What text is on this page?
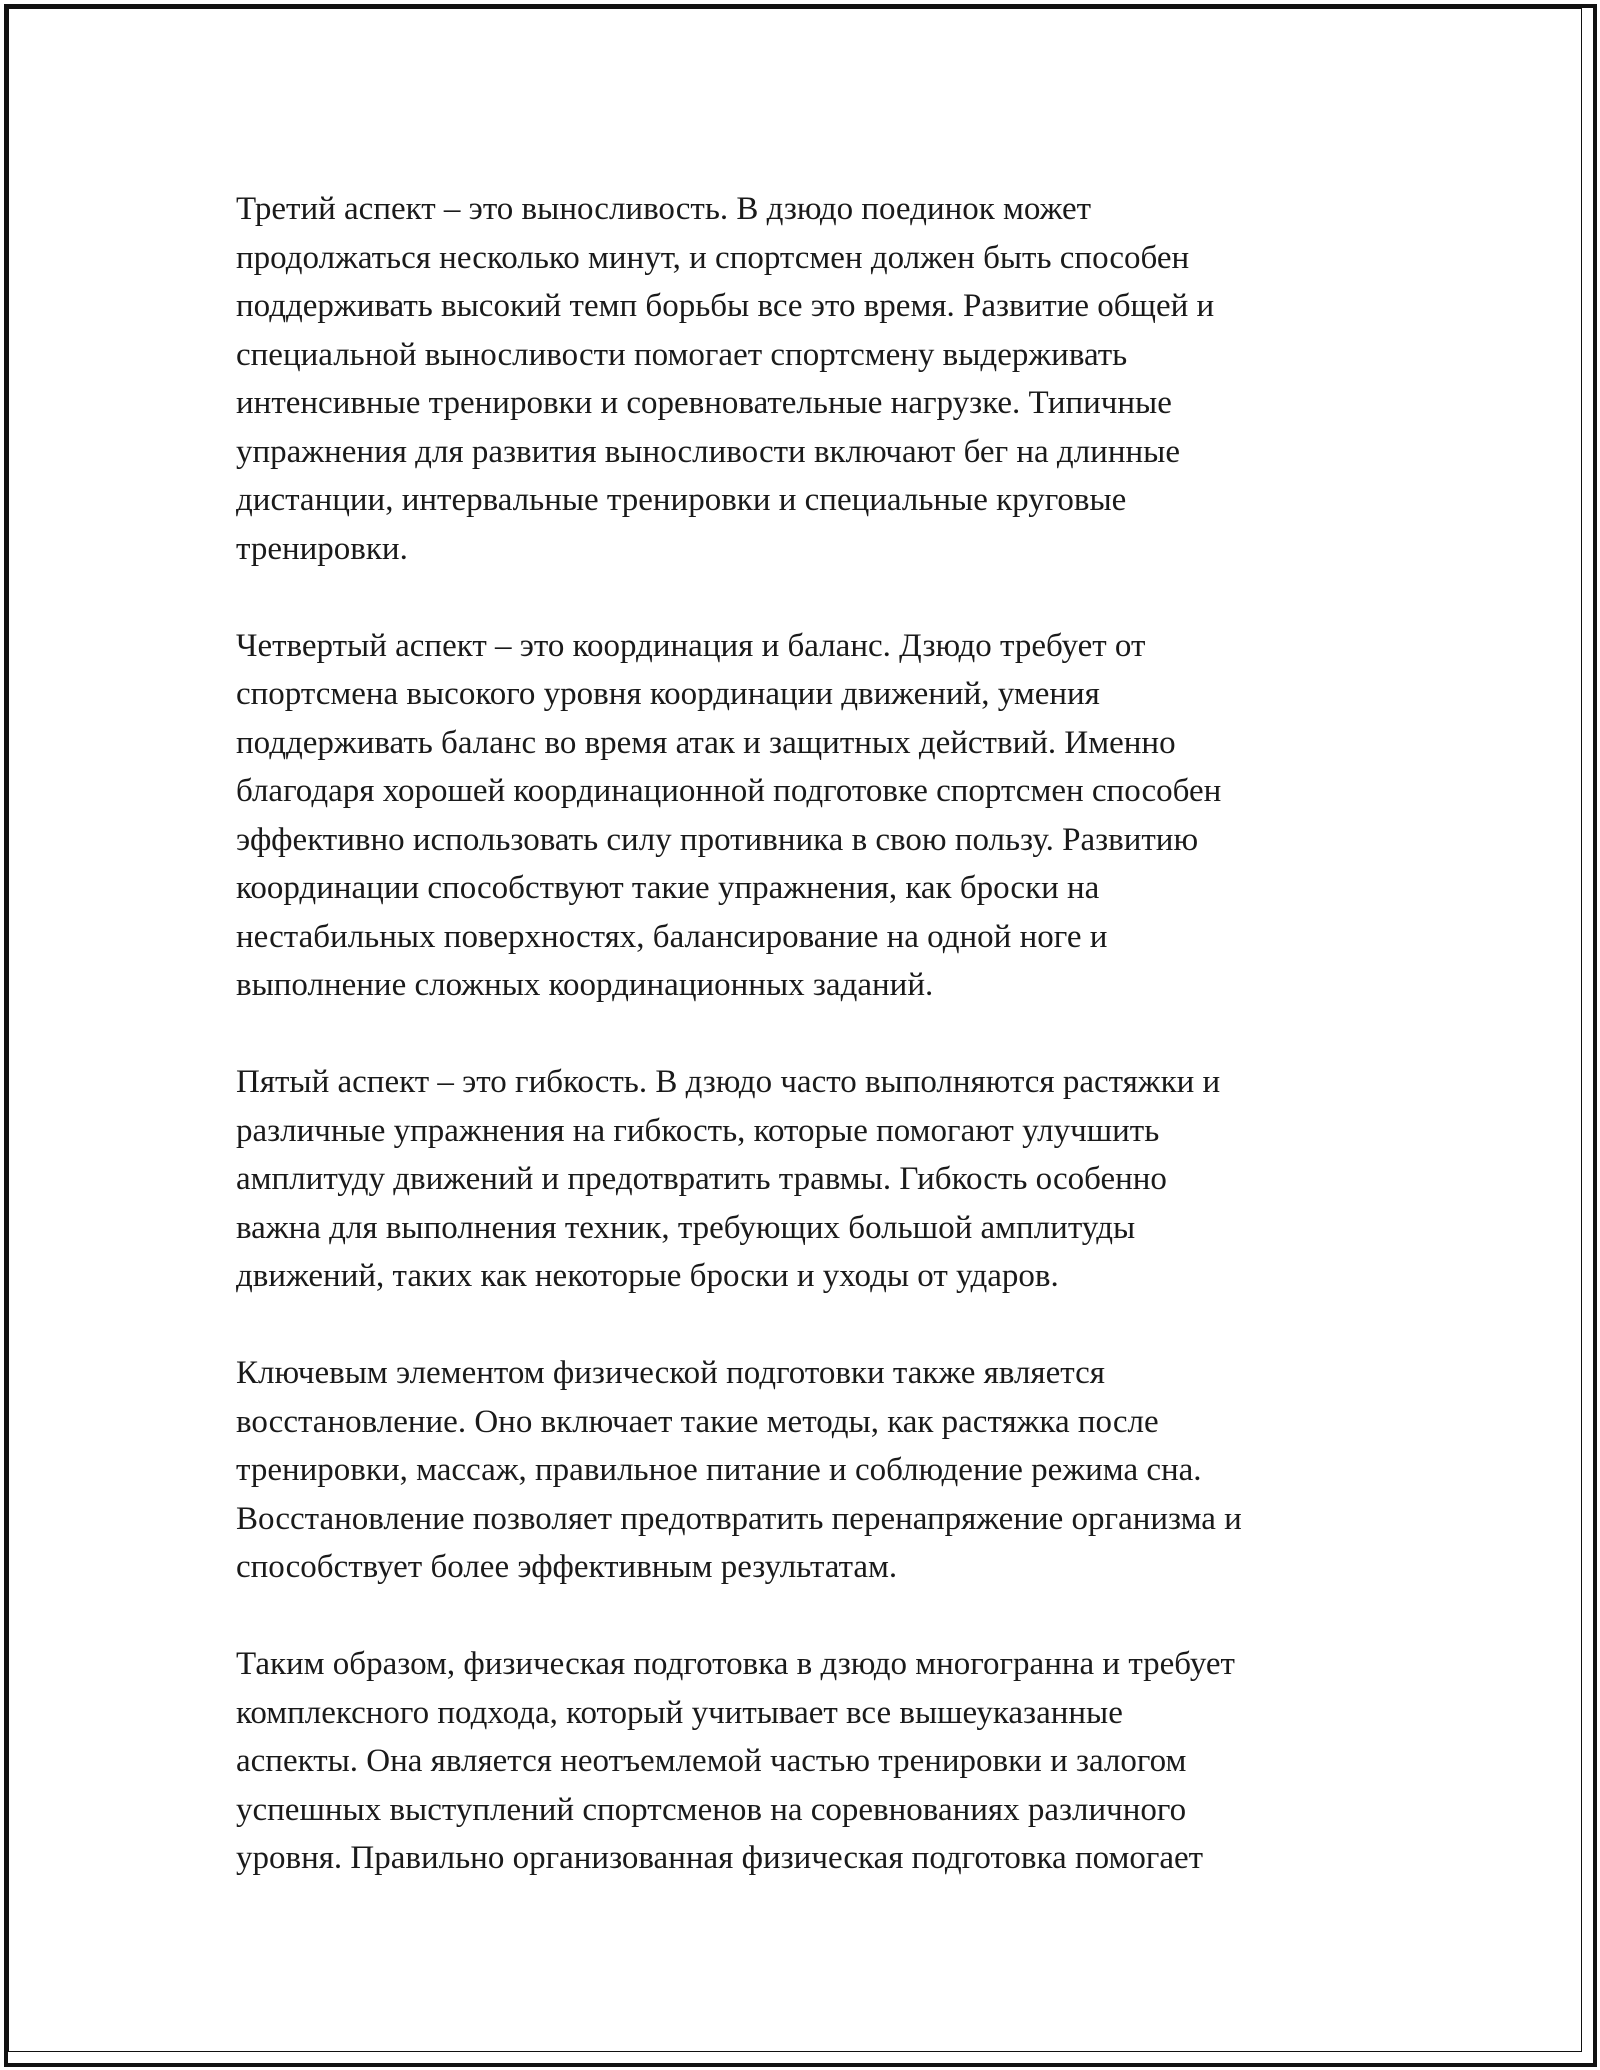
Третий аспект – это выносливость. В дзюдо поединок может
продолжаться несколько минут, и спортсмен должен быть способен
поддерживать высокий темп борьбы все это время. Развитие общей и
специальной выносливости помогает спортсмену выдерживать
интенсивные тренировки и соревновательные нагрузке. Типичные
упражнения для развития выносливости включают бег на длинные
дистанции, интервальные тренировки и специальные круговые
тренировки.

Четвертый аспект – это координация и баланс. Дзюдо требует от
спортсмена высокого уровня координации движений, умения
поддерживать баланс во время атак и защитных действий. Именно
благодаря хорошей координационной подготовке спортсмен способен
эффективно использовать силу противника в свою пользу. Развитию
координации способствуют такие упражнения, как броски на
нестабильных поверхностях, балансирование на одной ноге и
выполнение сложных координационных заданий.

Пятый аспект – это гибкость. В дзюдо часто выполняются растяжки и
различные упражнения на гибкость, которые помогают улучшить
амплитуду движений и предотвратить травмы. Гибкость особенно
важна для выполнения техник, требующих большой амплитуды
движений, таких как некоторые броски и уходы от ударов.

Ключевым элементом физической подготовки также является
восстановление. Оно включает такие методы, как растяжка после
тренировки, массаж, правильное питание и соблюдение режима сна.
Восстановление позволяет предотвратить перенапряжение организма и
способствует более эффективным результатам.

Таким образом, физическая подготовка в дзюдо многогранна и требует
комплексного подхода, который учитывает все вышеуказанные
аспекты. Она является неотъемлемой частью тренировки и залогом
успешных выступлений спортсменов на соревнованиях различного
уровня. Правильно организованная физическая подготовка помогает
